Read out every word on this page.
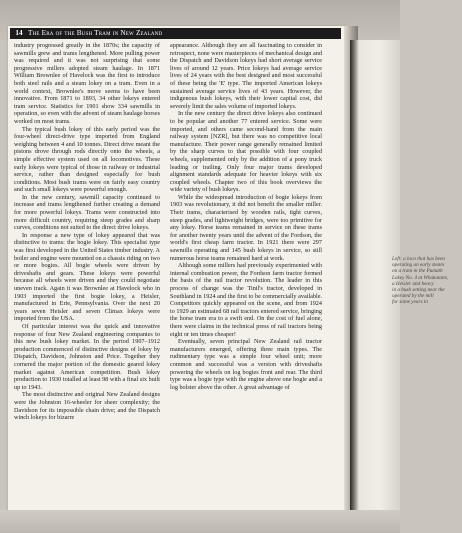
14 The Era of the Bush Tram in New Zealand

industry progressed greatly in the 1870s; the capacity of sawmills grew and trams lengthened. More pulling power was required and it was not surprising that some progressive millers adopted steam haulage. In 1871 William Brownlee of Havelock was the first to introduce both steel rails and a steam lokey on a tram. Even in a world context, Brownlee's move seems to have been innovative. From 1871 to 1893, 34 other lokeys entered tram service. Statistics for 1901 show 334 sawmills in operation, so even with the advent of steam haulage horses worked on most trams.

The typical bush lokey of this early period was the four-wheel direct-drive type imported from England weighing between 4 and 10 tonnes. Direct drive meant the pistons drove through rods directly onto the wheels, a simple effective system used on all locomotives. These early lokeys were typical of those in railway or industrial service, rather than designed especially for bush conditions. Most bush trams were on fairly easy country and such small lokeys were powerful enough.

In the new century, sawmill capacity continued to increase and trams lengthened further creating a demand for more powerful lokeys. Trams were constructed into more difficult country, requiring steep grades and sharp curves, conditions not suited to the direct drive lokeys.

In response a new type of lokey appeared that was distinctive to trams: the bogie lokey. This specialist type was first developed in the United States timber industry. A boiler and engine were mounted on a chassis riding on two or more bogies. All bogie wheels were driven by driveshafts and gears. These lokeys were powerful because all wheels were driven and they could negotiate uneven track. Again it was Brownlee at Havelock who in 1903 imported the first bogie lokey, a Heisler, manufactured in Erie, Pennsylvania. Over the next 20 years seven Heisler and seven Climax lokeys were imported from the USA.

Of particular interest was the quick and innovative response of four New Zealand engineering companies to this new bush lokey market. In the period 1907–1912 production commenced of distinctive designs of lokey by Dispatch, Davidson, Johnston and Price. Together they cornered the major portion of the domestic geared lokey market against American competition. Bush lokey production to 1930 totalled at least 98 with a final six built up to 1943.

The most distinctive and original New Zealand designs were the Johnston 16-wheeler for sheer complexity; the Davidson for its impossible chain drive; and the Dispatch winch lokeys for bizarre

appearance. Although they are all fascinating to consider in retrospect, none were masterpieces of mechanical design and the Dispatch and Davidson lokeys had short average service lives of around 12 years. Price lokeys had average service lives of 24 years with the best designed and most successful of these being the 'E' type. The imported American lokeys sustained average service lives of 43 years. However, the indigenous bush lokeys, with their lower capital cost, did severely limit the sales volume of imported lokeys.

In the new century the direct drive lokeys also continued to be popular and another 77 entered service. Some were imported, and others came second-hand from the main railway system [NZR], but there was no competitive local manufacture. Their power range generally remained limited by the sharp curves to that possible with four coupled wheels, supplemented only by the addition of a pony truck leading or trailing. Only four major trams developed alignment standards adequate for heavier lokeys with six coupled wheels. Chapter two of this book overviews the wide variety of bush lokeys.

While the widespread introduction of bogie lokeys from 1903 was revolutionary, it did not benefit the smaller miller. Their trams, characterised by wooden rails, tight curves, steep grades, and lightweight bridges, were too primitive for any lokey. Horse teams remained in service on these trams for another twenty years until the advent of the Fordson, the world's first cheap farm tractor. In 1921 there were 297 sawmills operating and 145 bush lokeys in service, so still numerous horse teams remained hard at work.

Although some millers had previously experimented with internal combustion power, the Fordson farm tractor formed the basis of the rail tractor revolution. The leader in this process of change was the Tinil's tractor, developed in Southland in 1924 and the first to be commercially available. Competitors quickly appeared on the scene, and from 1924 to 1929 an estimated 68 rail tractors entered service, bringing the horse tram era to a swift end. On the cost of fuel alone, there were claims in the technical press of rail tractors being eight or ten times cheaper!

Eventually, seven principal New Zealand rail tractor manufacturers emerged, offering three main types. The rudimentary type was a simple four wheel unit; more common and successful was a version with driveshafts powering the wheels on log bogies front and rear. The third type was a bogie type with the engine above one bogie and a log bolster above the other. A great advantage of

Left: a loco that has been
operating an early steam
on a tram in the Pumath
Lokey No. 4 at Whakatane,
a Heisler and heavy
in a bush setting near the
operated by the mill
for some years in
